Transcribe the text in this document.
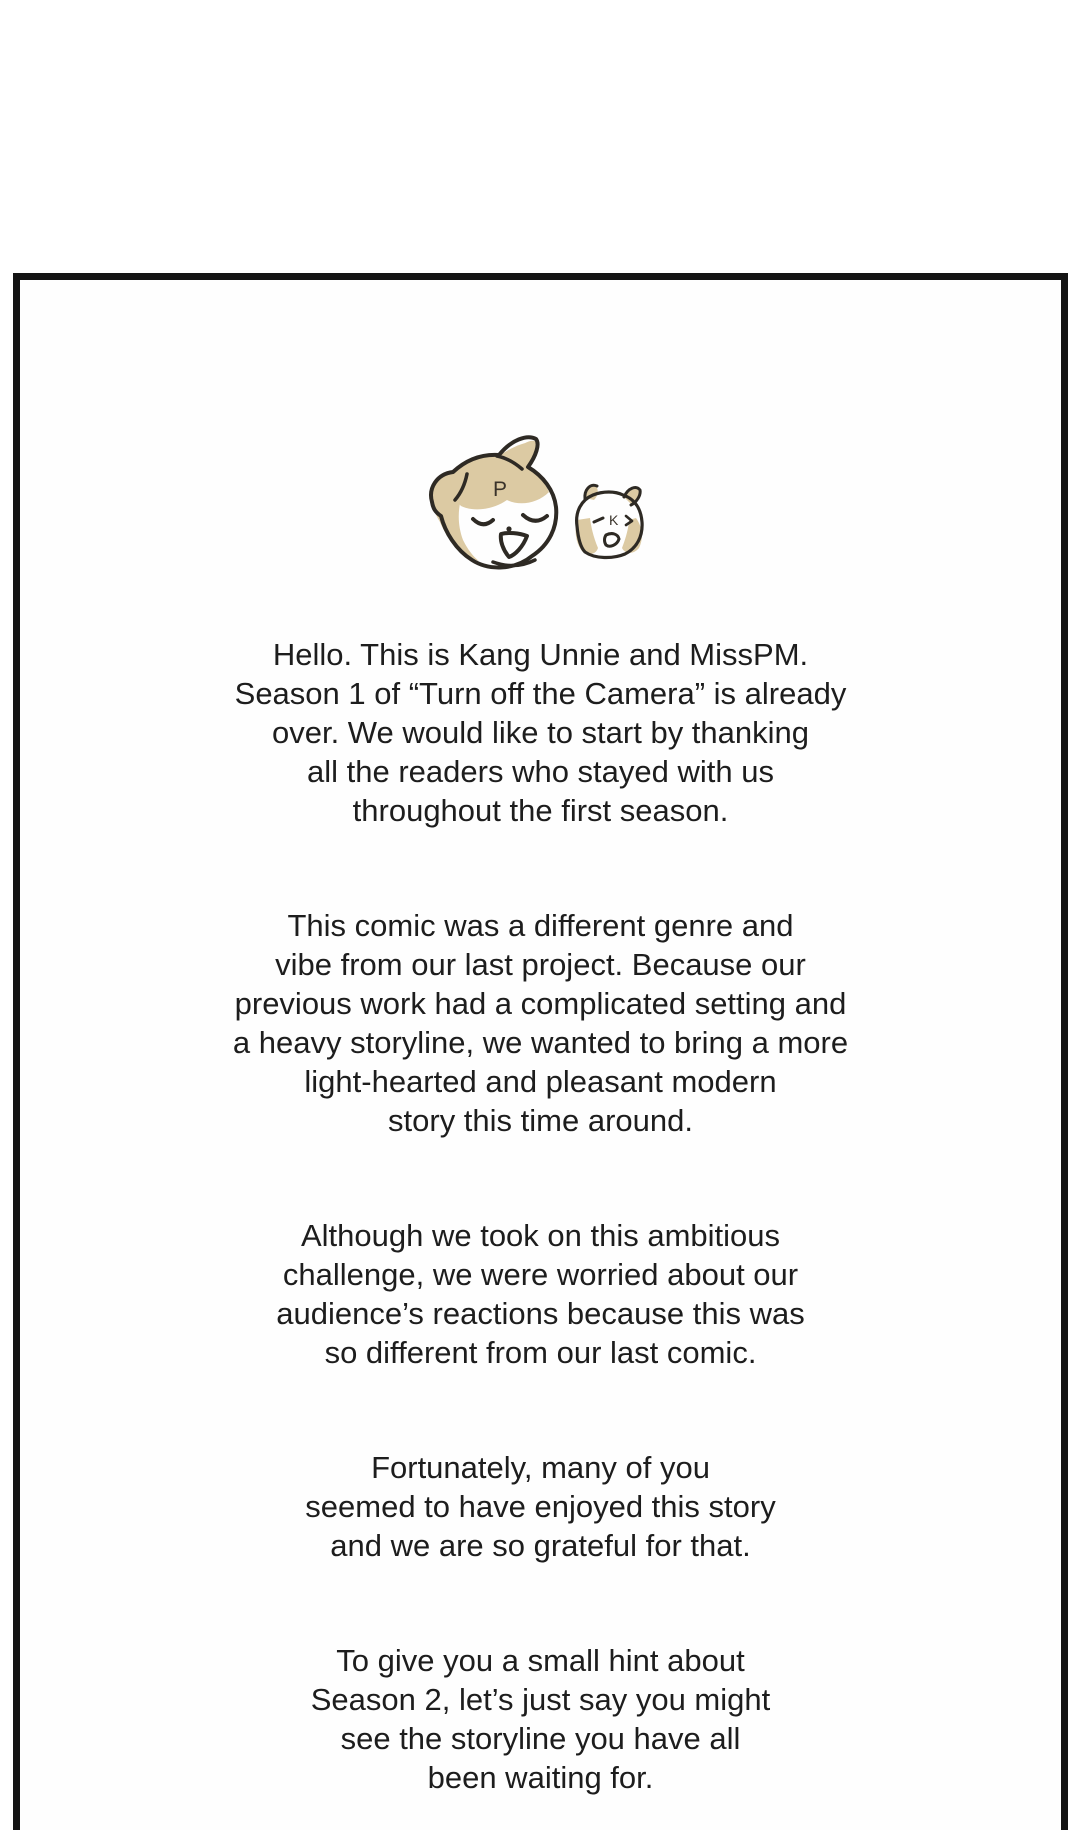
P
K

Hello. This is Kang Unnie and MissPM.
Season 1 of “Turn off the Camera” is already
over. We would like to start by thanking
all the readers who stayed with us
throughout the first season.

This comic was a different genre and
vibe from our last project. Because our
previous work had a complicated setting and
a heavy storyline, we wanted to bring a more
light-hearted and pleasant modern
story this time around.

Although we took on this ambitious
challenge, we were worried about our
audience’s reactions because this was
so different from our last comic.

Fortunately, many of you
seemed to have enjoyed this story
and we are so grateful for that.

To give you a small hint about
Season 2, let’s just say you might
see the storyline you have all
been waiting for.
